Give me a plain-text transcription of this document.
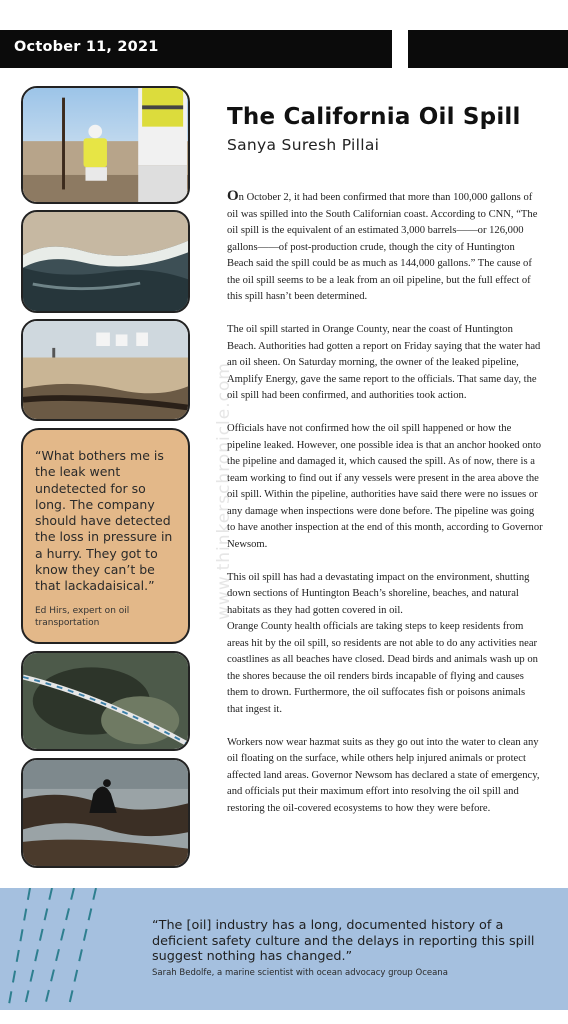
October 11, 2021
“What bothers me is the leak went undetected for so long. The company should have detected the loss in pressure in a hurry. They got to know they can’t be that lackadaisical.”
Ed Hirs, expert on oil transportation
www.thinkerschronicle.com
The California Oil Spill
Sanya Suresh Pillai

On October 2, it had been confirmed that more than 100,000 gallons of oil was spilled into the South Californian coast. According to CNN, “The oil spill is the equivalent of an estimated 3,000 barrels——or 126,000 gallons——of post-production crude, though the city of Huntington Beach said the spill could be as much as 144,000 gallons.” The cause of the oil spill seems to be a leak from an oil pipeline, but the full effect of this spill hasn’t been determined.

The oil spill started in Orange County, near the coast of Huntington Beach. Authorities had gotten a report on Friday saying that the water had an oil sheen. On Saturday morning, the owner of the leaked pipeline, Amplify Energy, gave the same report to the officials. That same day, the oil spill had been confirmed, and authorities took action.

Officials have not confirmed how the oil spill happened or how the pipeline leaked. However, one possible idea is that an anchor hooked onto the pipeline and damaged it, which caused the spill. As of now, there is a team working to find out if any vessels were present in the area above the oil spill. Within the pipeline, authorities have said there were no issues or any damage when inspections were done before. The pipeline was going to have another inspection at the end of this month, according to Governor Newsom.

This oil spill has had a devastating impact on the environment, shutting down sections of Huntington Beach’s shoreline, beaches, and natural habitats as they had gotten covered in oil.

Orange County health officials are taking steps to keep residents from areas hit by the oil spill, so residents are not able to do any activities near coastlines as all beaches have closed. Dead birds and animals wash up on the shores because the oil renders birds incapable of flying and causes them to drown. Furthermore, the oil suffocates fish or poisons animals that ingest it.

Workers now wear hazmat suits as they go out into the water to clean any oil floating on the surface, while others help injured animals or protect affected land areas. Governor Newsom has declared a state of emergency, and officials put their maximum effort into resolving the oil spill and restoring the oil-covered ecosystems to how they were before.

“The [oil] industry has a long, documented history of a deficient safety culture and the delays in reporting this spill suggest nothing has changed.”
Sarah Bedolfe, a marine scientist with ocean advocacy group Oceana
